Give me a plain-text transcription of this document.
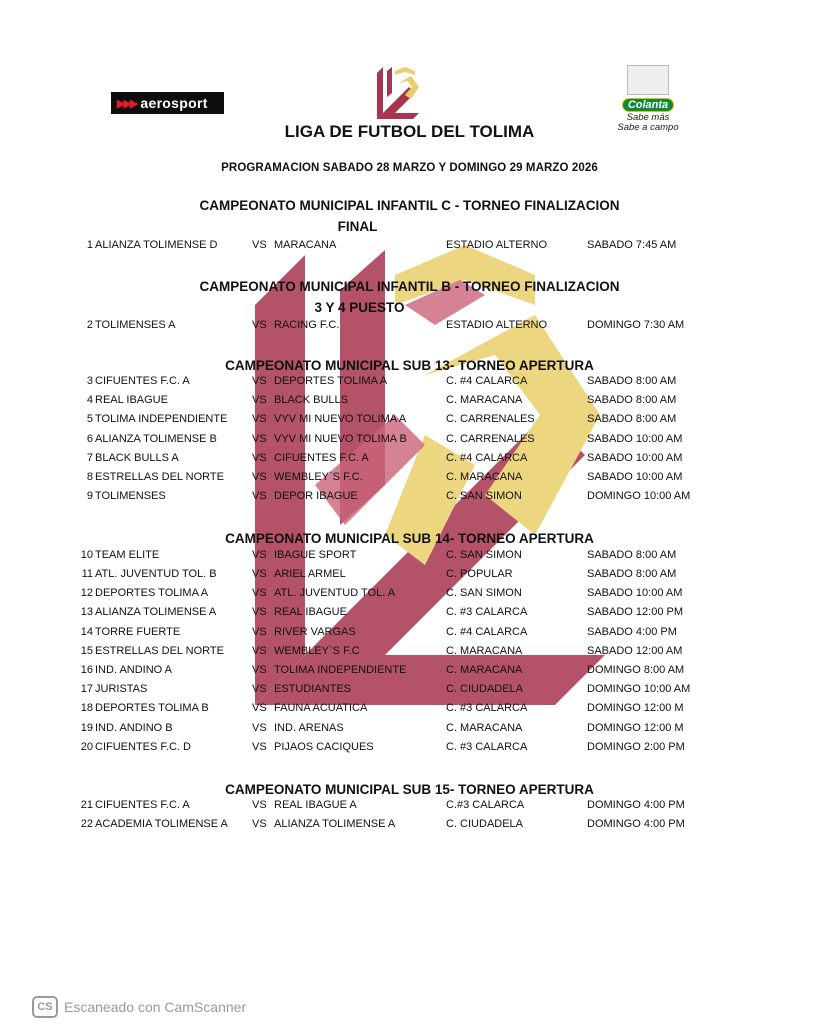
▶▶▶ aerosport	Colanta
Sabe más
Sabe a campo
LIGA DE FUTBOL DEL TOLIMA
PROGRAMACION SABADO 28 MARZO Y DOMINGO 29 MARZO 2026
CAMPEONATO MUNICIPAL INFANTIL C - TORNEO FINALIZACION
FINAL
1 ALIANZA TOLIMENSE D	VS MARACANA	ESTADIO ALTERNO	SABADO 7:45 AM
CAMPEONATO MUNICIPAL INFANTIL B - TORNEO FINALIZACION
3 Y 4 PUESTO
2 TOLIMENSES A	VS RACING F.C.	ESTADIO ALTERNO	DOMINGO 7:30 AM
CAMPEONATO MUNICIPAL SUB 13- TORNEO APERTURA
3 CIFUENTES F.C. A	VS DEPORTES TOLIMA A	C. #4 CALARCA	SABADO 8:00 AM
4 REAL IBAGUE	VS BLACK BULLS	C. MARACANA	SABADO 8:00 AM
5 TOLIMA INDEPENDIENTE VS VYV MI NUEVO TOLIMA A	C. CARRENALES	SABADO 8:00 AM
6 ALIANZA TOLIMENSE B	VS VYV MI NUEVO TOLIMA B	C. CARRENALES	SABADO 10:00 AM
7 BLACK BULLS A	VS CIFUENTES F.C. A	C. #4 CALARCA	SABADO 10:00 AM
8 ESTRELLAS DEL NORTE	VS WEMBLEY`S F.C.	C. MARACANA	SABADO 10:00 AM
9 TOLIMENSES	VS DEPOR IBAGUE	C. SAN SIMON	DOMINGO 10:00 AM
CAMPEONATO MUNICIPAL SUB 14- TORNEO APERTURA
10 TEAM ELITE	VS IBAGUE SPORT	C. SAN SIMON	SABADO 8:00 AM
11 ATL. JUVENTUD TOL. B	VS ARIEL ARMEL	C. POPULAR	SABADO 8:00 AM
12 DEPORTES TOLIMA A	VS ATL. JUVENTUD TOL. A	C. SAN SIMON	SABADO 10:00 AM
13 ALIANZA TOLIMENSE A	VS REAL IBAGUE	C. #3 CALARCA	SABADO 12:00 PM
14 TORRE FUERTE	VS RIVER VARGAS	C. #4 CALARCA	SABADO 4:00 PM
15 ESTRELLAS DEL NORTE	VS WEMBLEY`S F.C	C. MARACANA	SABADO 12:00 AM
16 IND. ANDINO A	VS TOLIMA INDEPENDIENTE	C. MARACANA	DOMINGO 8:00 AM
17 JURISTAS	VS ESTUDIANTES	C. CIUDADELA	DOMINGO 10:00 AM
18 DEPORTES TOLIMA B	VS FAUNA ACUATICA	C. #3 CALARCA	DOMINGO 12:00 M
19 IND. ANDINO B	VS IND. ARENAS	C. MARACANA	DOMINGO 12:00 M
20 CIFUENTES F.C. D	VS PIJAOS CACIQUES	C. #3 CALARCA	DOMINGO 2:00 PM
CAMPEONATO MUNICIPAL SUB 15- TORNEO APERTURA
21 CIFUENTES F.C. A	VS REAL IBAGUE A	C.#3 CALARCA	DOMINGO 4:00 PM
22 ACADEMIA TOLIMENSE A VS ALIANZA TOLIMENSE A	C. CIUDADELA	DOMINGO 4:00 PM
CS Escaneado con CamScanner
